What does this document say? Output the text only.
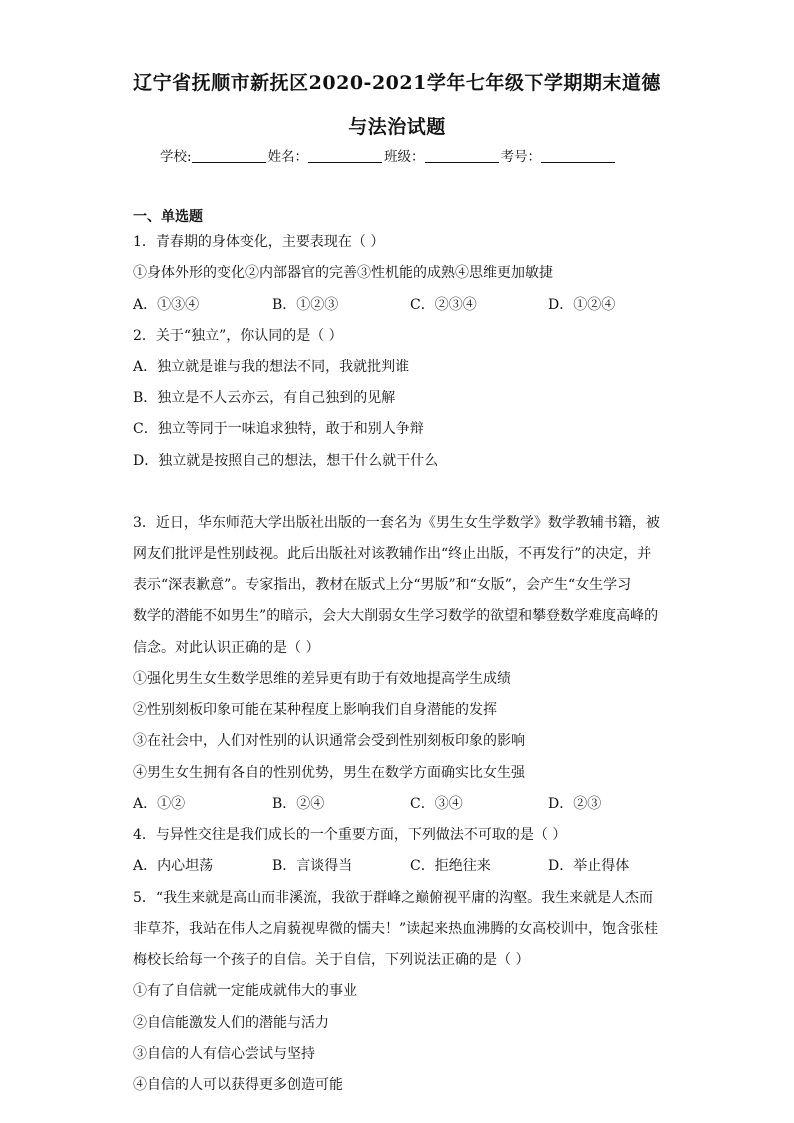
辽宁省抚顺市新抚区2020-2021学年七年级下学期期末道德
与法治试题
学校:	姓名：	班级：	考号：
一、单选题
1．青春期的身体变化，主要表现在（ ）
①身体外形的变化②内部器官的完善③性机能的成熟④思维更加敏捷
A．①③④	B．①②③	C．②③④	D．①②④
2．关于“独立”，你认同的是（ ）
A．独立就是谁与我的想法不同，我就批判谁
B．独立是不人云亦云，有自己独到的见解
C．独立等同于一味追求独特，敢于和别人争辩
D．独立就是按照自己的想法，想干什么就干什么
3．近日，华东师范大学出版社出版的一套名为《男生女生学数学》数学教辅书籍，被
网友们批评是性别歧视。此后出版社对该教辅作出“终止出版，不再发行”的决定，并
表示“深表歉意”。专家指出，教材在版式上分“男版”和“女版”，会产生“女生学习
数学的潜能不如男生”的暗示，会大大削弱女生学习数学的欲望和攀登数学难度高峰的
信念。对此认识正确的是（ ）
①强化男生女生数学思维的差异更有助于有效地提高学生成绩
②性别刻板印象可能在某种程度上影响我们自身潜能的发挥
③在社会中，人们对性别的认识通常会受到性别刻板印象的影响
④男生女生拥有各自的性别优势，男生在数学方面确实比女生强
A．①②	B．②④	C．③④	D．②③
4．与异性交往是我们成长的一个重要方面，下列做法不可取的是（ ）
A．内心坦荡	B．言谈得当	C．拒绝往来	D．举止得体
5．“我生来就是高山而非溪流，我欲于群峰之巅俯视平庸的沟壑。我生来就是人杰而
非草芥，我站在伟人之肩藐视卑微的懦夫！”读起来热血沸腾的女高校训中，饱含张桂
梅校长给每一个孩子的自信。关于自信，下列说法正确的是（ ）
①有了自信就一定能成就伟大的事业
②自信能激发人们的潜能与活力
③自信的人有信心尝试与坚持
④自信的人可以获得更多创造可能
